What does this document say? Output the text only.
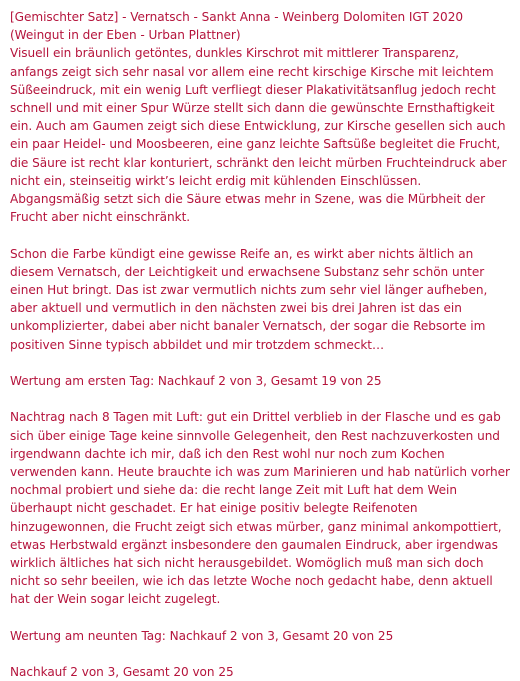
[Gemischter Satz] - Vernatsch - Sankt Anna - Weinberg Dolomiten IGT 2020
(Weingut in der Eben - Urban Plattner)

Visuell ein bräunlich getöntes, dunkles Kirschrot mit mittlerer Transparenz, anfangs zeigt sich sehr nasal vor allem eine recht kirschige Kirsche mit leichtem Süßeeindruck, mit ein wenig Luft verfliegt dieser Plakativitätsanflug jedoch recht schnell und mit einer Spur Würze stellt sich dann die gewünschte Ernsthaftigkeit ein. Auch am Gaumen zeigt sich diese Entwicklung, zur Kirsche gesellen sich auch ein paar Heidel- und Moosbeeren, eine ganz leichte Saftsüße begleitet die Frucht, die Säure ist recht klar konturiert, schränkt den leicht mürben Fruchteindruck aber nicht ein, steinseitig wirkt’s leicht erdig mit kühlenden Einschlüssen. Abgangsmäßig setzt sich die Säure etwas mehr in Szene, was die Mürbheit der Frucht aber nicht einschränkt.

Schon die Farbe kündigt eine gewisse Reife an, es wirkt aber nichts ältlich an diesem Vernatsch, der Leichtigkeit und erwachsene Substanz sehr schön unter einen Hut bringt. Das ist zwar vermutlich nichts zum sehr viel länger aufheben, aber aktuell und vermutlich in den nächsten zwei bis drei Jahren ist das ein unkomplizierter, dabei aber nicht banaler Vernatsch, der sogar die Rebsorte im positiven Sinne typisch abbildet und mir trotzdem schmeckt…

Wertung am ersten Tag: Nachkauf 2 von 3, Gesamt 19 von 25

Nachtrag nach 8 Tagen mit Luft: gut ein Drittel verblieb in der Flasche und es gab sich über einige Tage keine sinnvolle Gelegenheit, den Rest nachzuverkosten und irgendwann dachte ich mir, daß ich den Rest wohl nur noch zum Kochen verwenden kann. Heute brauchte ich was zum Marinieren und hab natürlich vorher nochmal probiert und siehe da: die recht lange Zeit mit Luft hat dem Wein überhaupt nicht geschadet. Er hat einige positiv belegte Reifenoten hinzugewonnen, die Frucht zeigt sich etwas mürber, ganz minimal ankompottiert, etwas Herbstwald ergänzt insbesondere den gaumalen Eindruck, aber irgendwas wirklich ältliches hat sich nicht herausgebildet. Womöglich muß man sich doch nicht so sehr beeilen, wie ich das letzte Woche noch gedacht habe, denn aktuell hat der Wein sogar leicht zugelegt.

Wertung am neunten Tag: Nachkauf 2 von 3, Gesamt 20 von 25

Nachkauf 2 von 3, Gesamt 20 von 25
